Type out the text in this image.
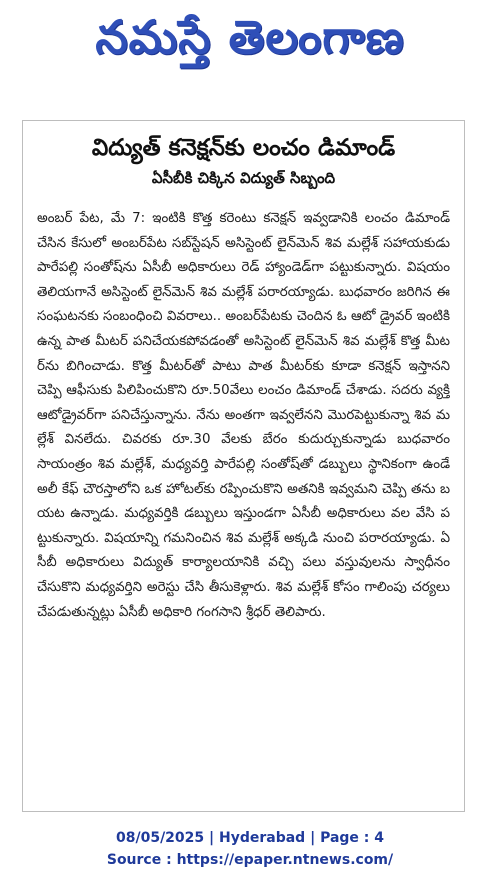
నమస్తే తెలంగాణ
విద్యుత్ కనెక్షన్‌కు లంచం డిమాండ్
ఏసీబీకి చిక్కిన విద్యుత్ సిబ్బంది
అంబర్ పేట, మే 7: ఇంటికి కొత్త కరెంటు కనెక్షన్ ఇవ్వడానికి లంచం డిమాండ్ చేసిన కేసులో అంబర్‌పేట సబ్‌స్టేషన్ అసిస్టెంట్ లైన్‌మెన్ శివ మల్లేశ్ సహాయకుడు పారేపల్లి సంతోష్‌ను ఏసీబీ అధికారులు రెడ్ హ్యాండెడ్‌గా పట్టుకున్నారు. విషయం తెలియగానే అసిస్టెంట్ లైన్‌మెన్ శివ మల్లేశ్ పరారయ్యాడు. బుధవారం జరిగిన ఈ సంఘటనకు సంబంధించి వివరాలు.. అంబర్‌పేటకు చెందిన ఓ ఆటో డ్రైవర్ ఇంటికి ఉన్న పాత మీటర్ పనిచేయకపోవడంతో అసిస్టెంట్ లైన్‌మెన్ శివ మల్లేశ్ కొత్త మీటర్‌ను బిగించాడు. కొత్త మీటర్‌తో పాటు పాత మీటర్‌కు కూడా కనెక్షన్ ఇస్తానని చెప్పి ఆఫీసుకు పిలిపించుకొని రూ.50వేలు లంచం డిమాండ్ చేశాడు. సదరు వ్యక్తి ఆటోడ్రైవర్‌గా పనిచేస్తున్నాను. నేను అంతగా ఇవ్వలేనని మొరపెట్టుకున్నా శివ మల్లేశ్ వినలేదు. చివరకు రూ.30 వేలకు బేరం కుదుర్చుకున్నాడు బుధవారం సాయంత్రం శివ మల్లేశ్, మధ్యవర్తి పారేపల్లి సంతోష్‌తో డబ్బులు స్థానికంగా ఉండే అలీ కేఫ్ చౌరస్తాలోని ఒక హోటల్‌కు రప్పించుకొని అతనికి ఇవ్వమని చెప్పి తను బయట ఉన్నాడు. మధ్యవర్తికి డబ్బులు ఇస్తుండగా ఏసీబీ అధికారులు వల వేసి పట్టుకున్నారు. విషయాన్ని గమనించిన శివ మల్లేశ్ అక్కడి నుంచి పరారయ్యాడు. ఏసీబీ అధికారులు విద్యుత్ కార్యాలయానికి వచ్చి పలు వస్తువులను స్వాధీనం చేసుకొని మధ్యవర్తిని అరెస్టు చేసి తీసుకెళ్లారు. శివ మల్లేశ్ కోసం గాలింపు చర్యలు చేపడుతున్నట్లు ఏసీబీ అధికారి గంగసాని శ్రీధర్ తెలిపారు.
08/05/2025 | Hyderabad | Page : 4
Source : https://epaper.ntnews.com/
